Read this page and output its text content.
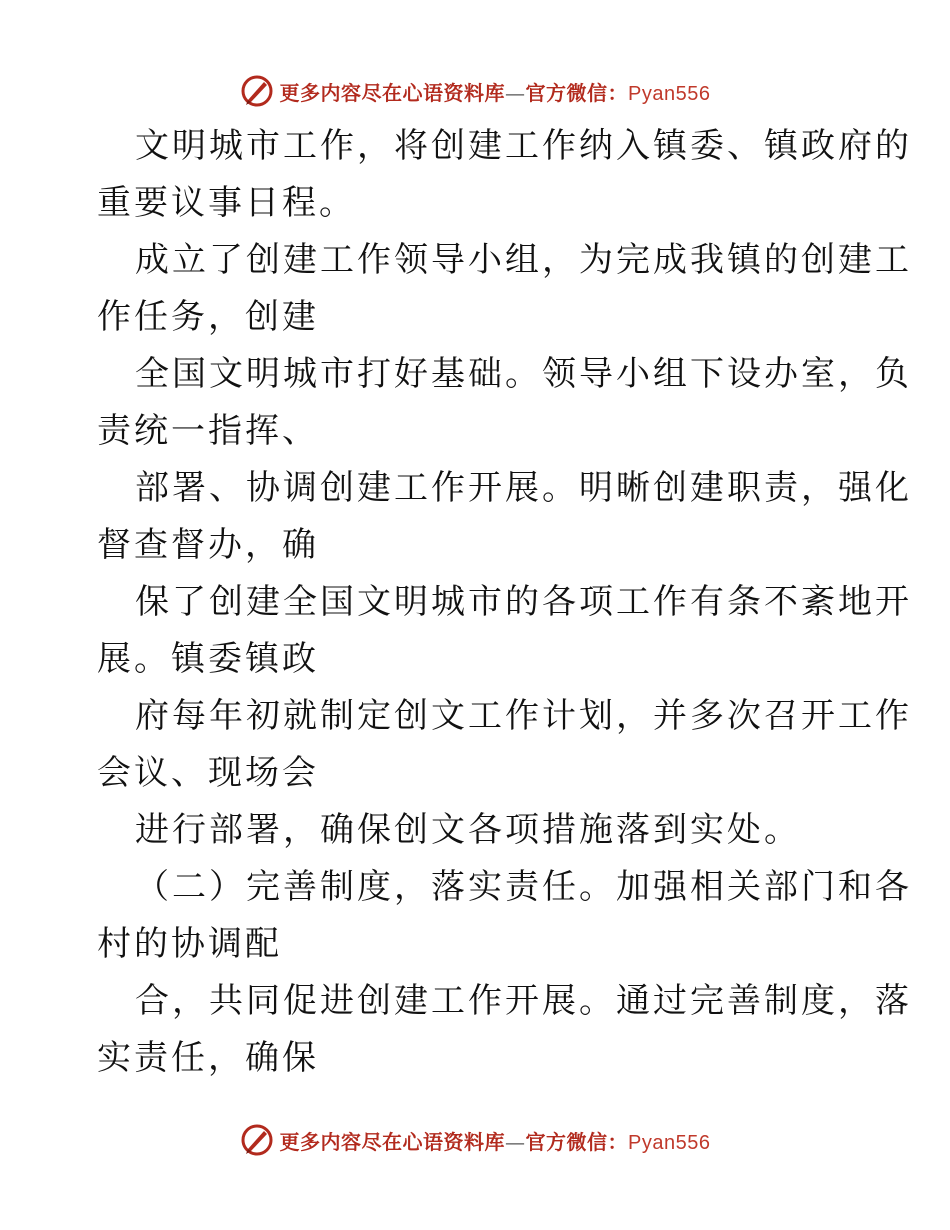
更多内容尽在心语资料库—官方微信：Pyan556
文明城市工作，将创建工作纳入镇委、镇政府的
重要议事日程。
成立了创建工作领导小组，为完成我镇的创建工
作任务，创建
全国文明城市打好基础。领导小组下设办室，负
责统一指挥、
部署、协调创建工作开展。明晰创建职责，强化
督查督办，确
保了创建全国文明城市的各项工作有条不紊地开
展。镇委镇政
府每年初就制定创文工作计划，并多次召开工作
会议、现场会
进行部署，确保创文各项措施落到实处。
（二）完善制度，落实责任。加强相关部门和各
村的协调配
合，共同促进创建工作开展。通过完善制度，落
实责任，确保
更多内容尽在心语资料库—官方微信：Pyan556
